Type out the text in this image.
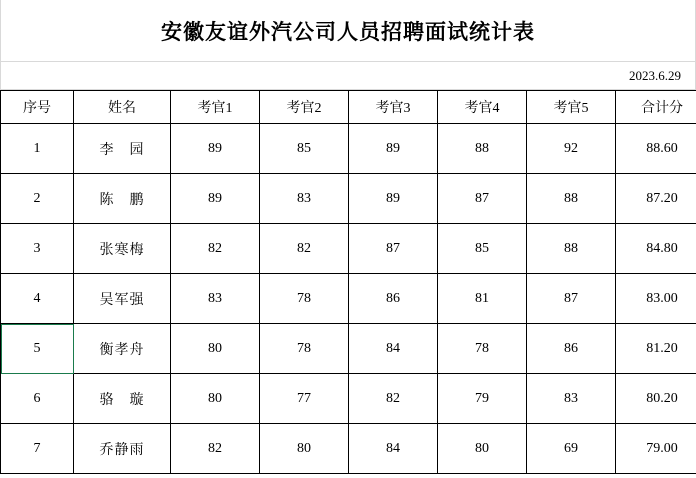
安徽友谊外汽公司人员招聘面试统计表
2023.6.29
序号	姓名	考官1	考官2	考官3	考官4	考官5	合计分
1	李　园	89	85	89	88	92	88.60
2	陈　鹏	89	83	89	87	88	87.20
3	张寒梅	82	82	87	85	88	84.80
4	吴军强	83	78	86	81	87	83.00
5	衡孝舟	80	78	84	78	86	81.20
6	骆　璇	80	77	82	79	83	80.20
7	乔静雨	82	80	84	80	69	79.00
